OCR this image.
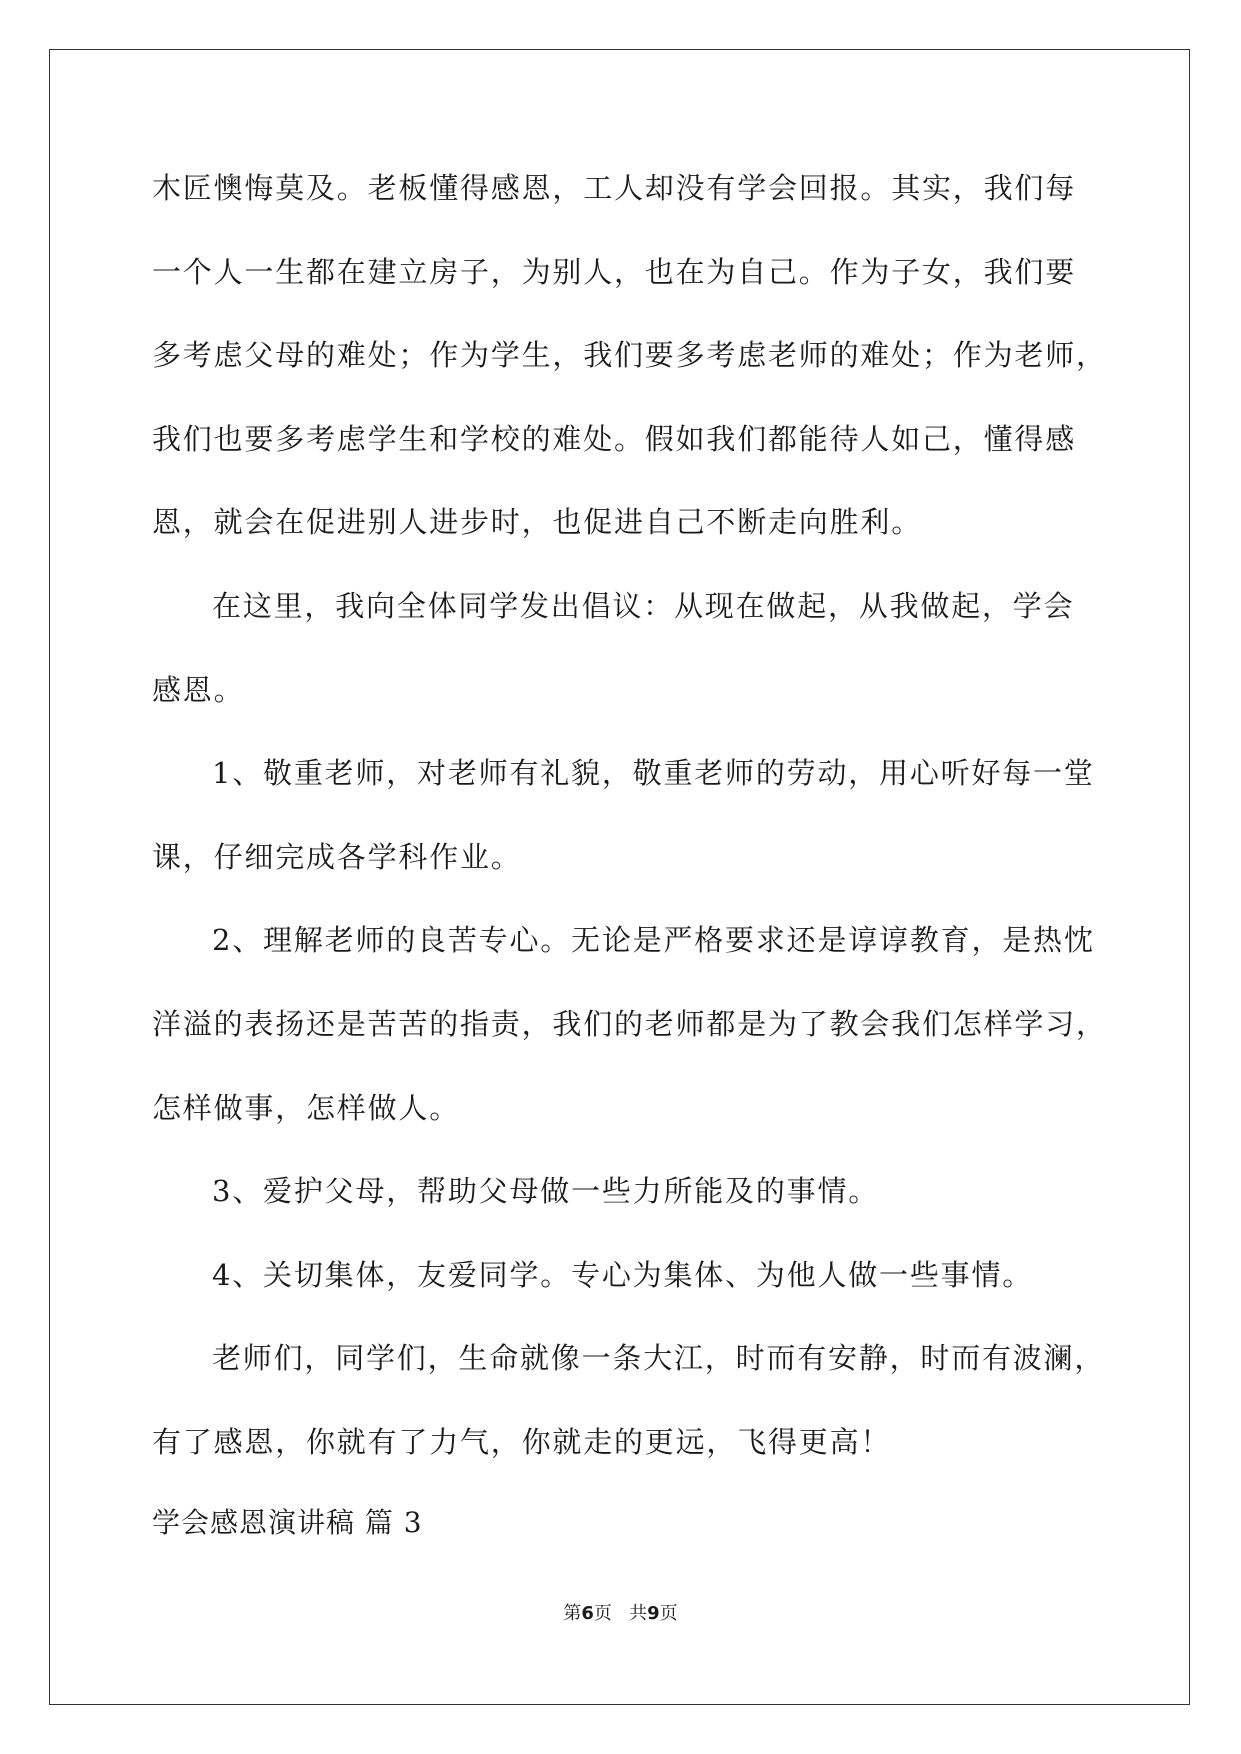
木匠懊悔莫及。老板懂得感恩，工人却没有学会回报。其实，我们每
一个人一生都在建立房子，为别人，也在为自己。作为子女，我们要
多考虑父母的难处；作为学生，我们要多考虑老师的难处；作为老师，
我们也要多考虑学生和学校的难处。假如我们都能待人如己，懂得感
恩，就会在促进别人进步时，也促进自己不断走向胜利。
在这里，我向全体同学发出倡议：从现在做起，从我做起，学会
感恩。
1、敬重老师，对老师有礼貌，敬重老师的劳动，用心听好每一堂
课，仔细完成各学科作业。
2、理解老师的良苦专心。无论是严格要求还是谆谆教育，是热忱
洋溢的表扬还是苦苦的指责，我们的老师都是为了教会我们怎样学习，
怎样做事，怎样做人。
3、爱护父母，帮助父母做一些力所能及的事情。
4、关切集体，友爱同学。专心为集体、为他人做一些事情。
老师们，同学们，生命就像一条大江，时而有安静，时而有波澜，
有了感恩，你就有了力气，你就走的更远，飞得更高！
学会感恩演讲稿 篇 3
第6页 共9页
